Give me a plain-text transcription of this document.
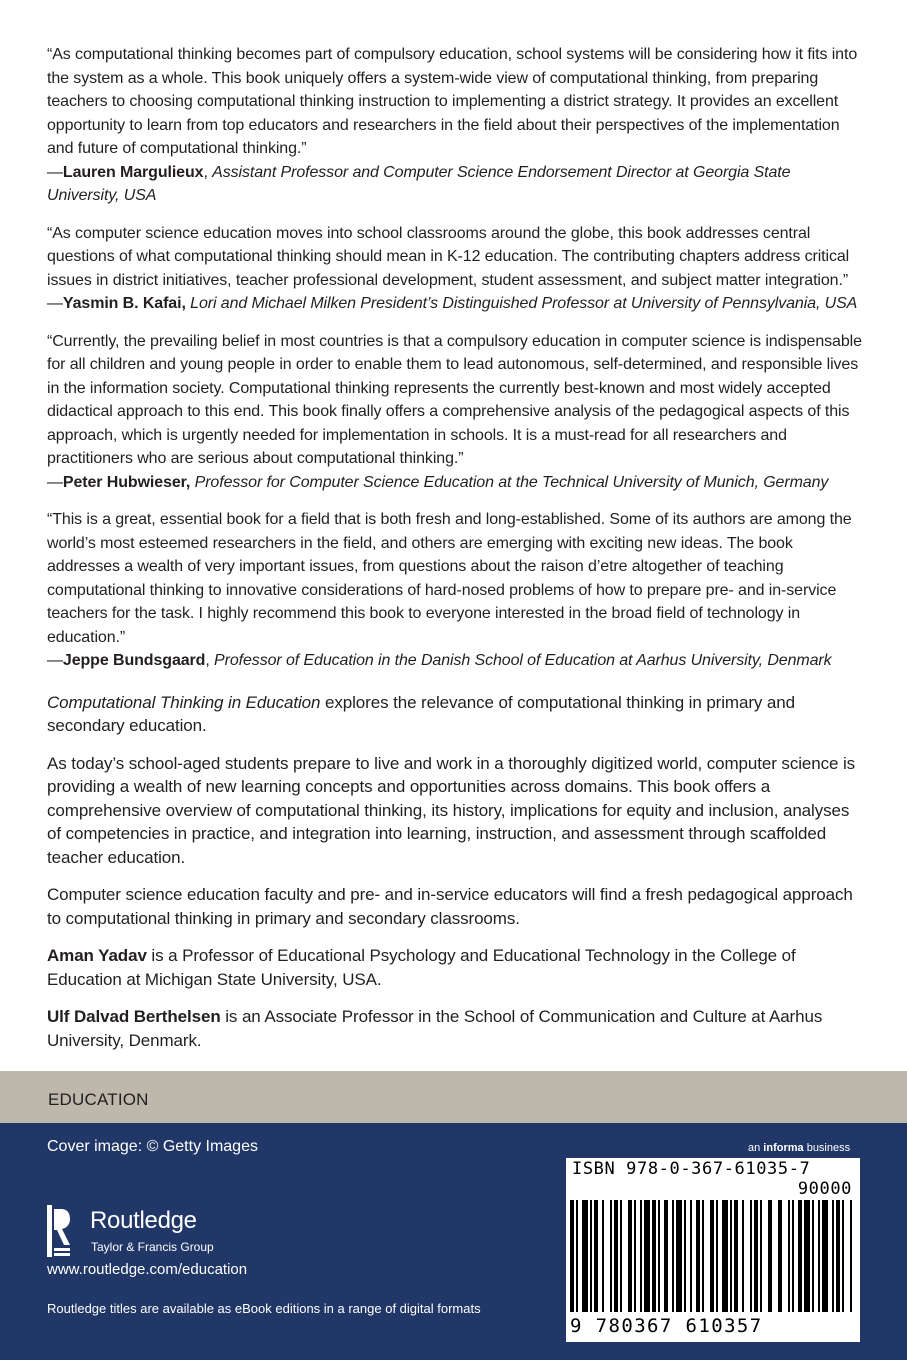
“As computational thinking becomes part of compulsory education, school systems will be considering how it fits into the system as a whole. This book uniquely offers a system-wide view of computational thinking, from preparing teachers to choosing computational thinking instruction to implementing a district strategy. It provides an excellent opportunity to learn from top educators and researchers in the field about their perspectives of the implementation and future of computational thinking.”

—Lauren Margulieux, Assistant Professor and Computer Science Endorsement Director at Georgia State University, USA

“As computer science education moves into school classrooms around the globe, this book addresses central questions of what computational thinking should mean in K-12 education. The contributing chapters address critical issues in district initiatives, teacher professional development, student assessment, and subject matter integration.”

—Yasmin B. Kafai, Lori and Michael Milken President’s Distinguished Professor at University of Pennsylvania, USA

“Currently, the prevailing belief in most countries is that a compulsory education in computer science is indispensable for all children and young people in order to enable them to lead autonomous, self-determined, and responsible lives in the information society. Computational thinking represents the currently best-known and most widely accepted didactical approach to this end. This book finally offers a comprehensive analysis of the pedagogical aspects of this approach, which is urgently needed for implementation in schools. It is a must-read for all researchers and practitioners who are serious about computational thinking.”

—Peter Hubwieser, Professor for Computer Science Education at the Technical University of Munich, Germany

“This is a great, essential book for a field that is both fresh and long-established. Some of its authors are among the world’s most esteemed researchers in the field, and others are emerging with exciting new ideas. The book addresses a wealth of very important issues, from questions about the raison d’etre altogether of teaching computational thinking to innovative considerations of hard-nosed problems of how to prepare pre- and in-service teachers for the task. I highly recommend this book to everyone interested in the broad field of technology in education.”

—Jeppe Bundsgaard, Professor of Education in the Danish School of Education at Aarhus University, Denmark

Computational Thinking in Education explores the relevance of computational thinking in primary and secondary education.

As today’s school-aged students prepare to live and work in a thoroughly digitized world, computer science is providing a wealth of new learning concepts and opportunities across domains. This book offers a comprehensive overview of computational thinking, its history, implications for equity and inclusion, analyses of competencies in practice, and integration into learning, instruction, and assessment through scaffolded teacher education.

Computer science education faculty and pre- and in-service educators will find a fresh pedagogical approach to computational thinking in primary and secondary classrooms.

Aman Yadav is a Professor of Educational Psychology and Educational Technology in the College of Education at Michigan State University, USA.

Ulf Dalvad Berthelsen is an Associate Professor in the School of Communication and Culture at Aarhus University, Denmark.

EDUCATION
Cover image: © Getty Images
Routledge
Taylor & Francis Group
www.routledge.com/education
Routledge titles are available as eBook editions in a range of digital formats
an informa business
ISBN 978-0-367-61035-7
90000
9 780367 610357
